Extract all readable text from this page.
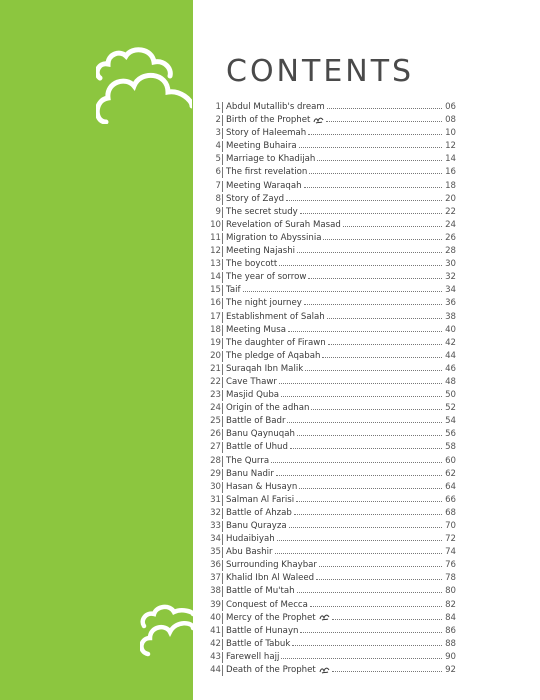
CONTENTS
1 Abdul Mutallib's dream	06
2 Birth of the Prophet	08
3 Story of Haleemah	10
4 Meeting Buhaira	12
5 Marriage to Khadijah	14
6 The first revelation	16
7 Meeting Waraqah	18
8 Story of Zayd	20
9 The secret study	22
10 Revelation of Surah Masad	24
11 Migration to Abyssinia	26
12 Meeting Najashi	28
13 The boycott	30
14 The year of sorrow	32
15 Taif	34
16 The night journey	36
17 Establishment of Salah	38
18 Meeting Musa	40
19 The daughter of Firawn	42
20 The pledge of Aqabah	44
21 Suraqah Ibn Malik	46
22 Cave Thawr	48
23 Masjid Quba	50
24 Origin of the adhan	52
25 Battle of Badr	54
26 Banu Qaynuqah	56
27 Battle of Uhud	58
28 The Qurra	60
29 Banu Nadir	62
30 Hasan & Husayn	64
31 Salman Al Farisi	66
32 Battle of Ahzab	68
33 Banu Qurayza	70
34 Hudaibiyah	72
35 Abu Bashir	74
36 Surrounding Khaybar	76
37 Khalid Ibn Al Waleed	78
38 Battle of Mu'tah	80
39 Conquest of Mecca	82
40 Mercy of the Prophet	84
41 Battle of Hunayn	86
42 Battle of Tabuk	88
43 Farewell hajj	90
44 Death of the Prophet	92
